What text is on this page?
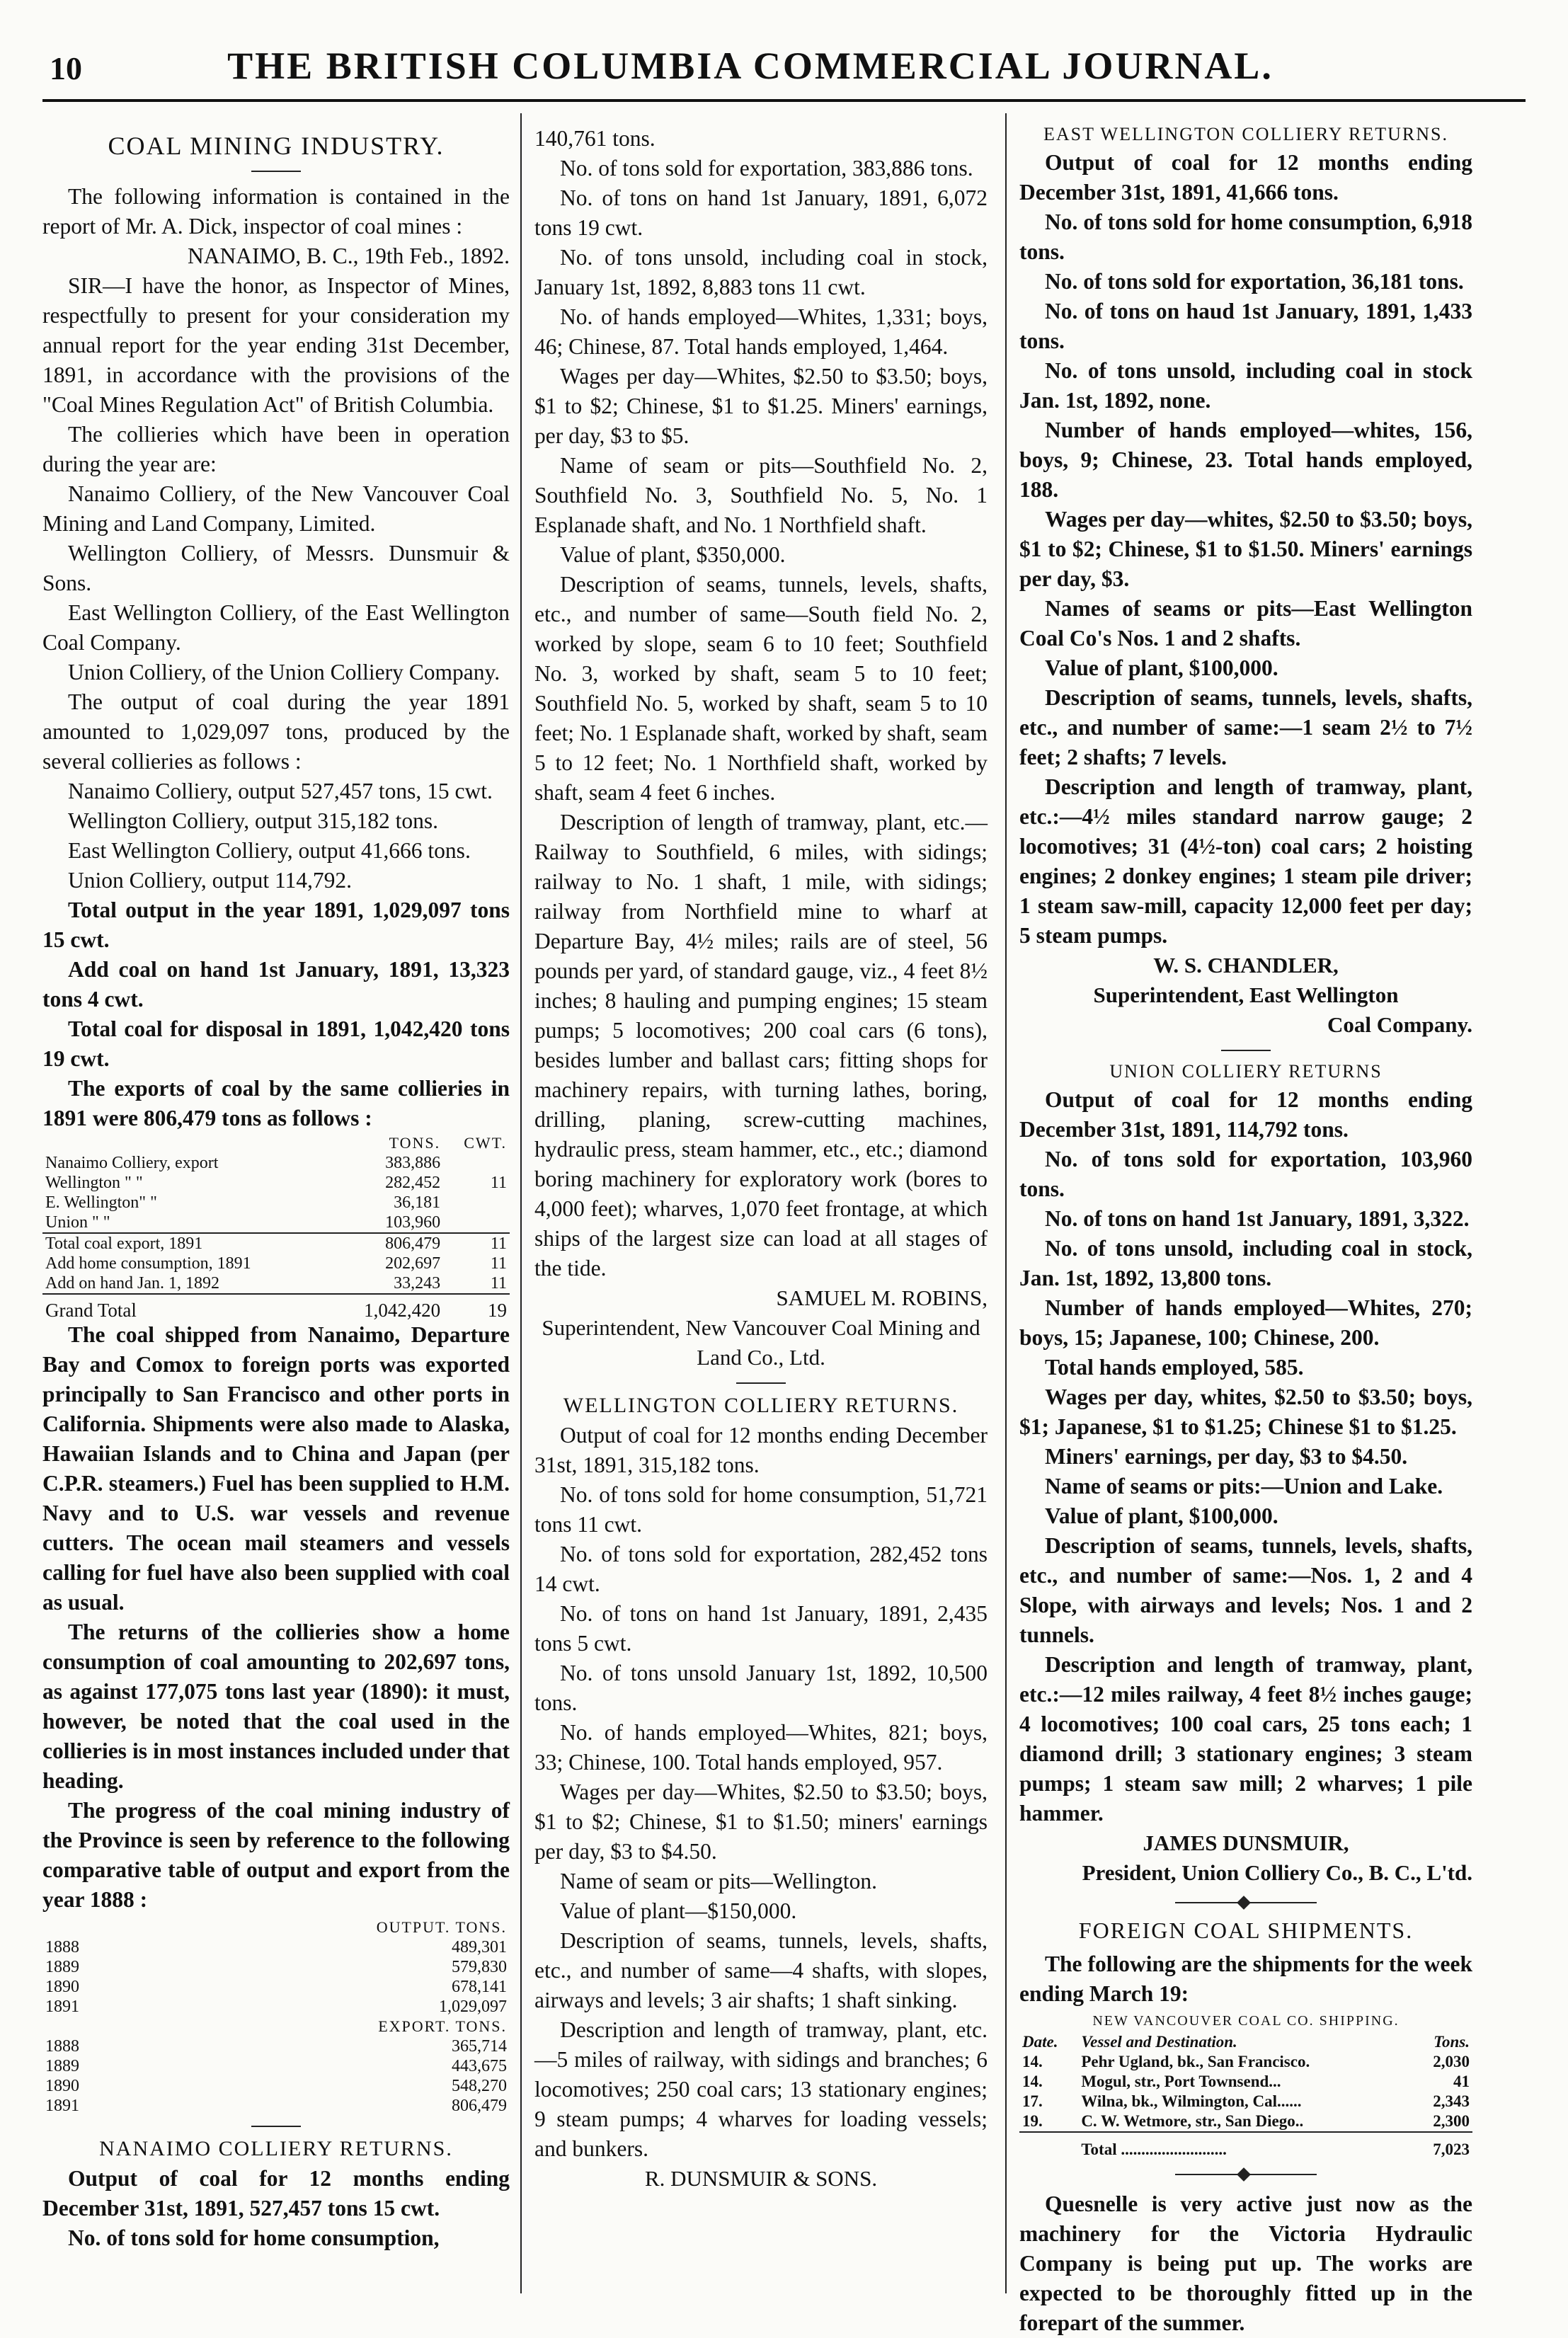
10	THE BRITISH COLUMBIA COMMERCIAL JOURNAL.
COAL MINING INDUSTRY.

The following information is contained in the report of Mr. A. Dick, inspector of coal mines :

NANAIMO, B. C., 19th Feb., 1892.

SIR—I have the honor, as Inspector of Mines, respectfully to present for your consideration my annual report for the year ending 31st December, 1891, in accordance with the provisions of the "Coal Mines Regulation Act" of British Columbia.

The collieries which have been in operation during the year are:

Nanaimo Colliery, of the New Vancouver Coal Mining and Land Company, Limited.

Wellington Colliery, of Messrs. Dunsmuir & Sons.

East Wellington Colliery, of the East Wellington Coal Company.

Union Colliery, of the Union Colliery Company.

The output of coal during the year 1891 amounted to 1,029,097 tons, produced by the several collieries as follows :

Nanaimo Colliery, output 527,457 tons, 15 cwt.

Wellington Colliery, output 315,182 tons.

East Wellington Colliery, output 41,666 tons.

Union Colliery, output 114,792.

Total output in the year 1891, 1,029,097 tons 15 cwt.

Add coal on hand 1st January, 1891, 13,323 tons 4 cwt.

Total coal for disposal in 1891, 1,042,420 tons 19 cwt.

The exports of coal by the same collieries in 1891 were 806,479 tons as follows :

	TONS.	CWT.
Nanaimo Colliery, export	383,886	
Wellington " "	282,452	11
E. Wellington" "	36,181	
Union " "	103,960	
Total coal export, 1891	806,479	11
Add home consumption, 1891	202,697	11
Add on hand Jan. 1, 1892	33,243	11
Grand Total	1,042,420	19

The coal shipped from Nanaimo, Departure Bay and Comox to foreign ports was exported principally to San Francisco and other ports in California. Shipments were also made to Alaska, Hawaiian Islands and to China and Japan (per C.P.R. steamers.) Fuel has been supplied to H.M. Navy and to U.S. war vessels and revenue cutters. The ocean mail steamers and vessels calling for fuel have also been supplied with coal as usual.

The returns of the collieries show a home consumption of coal amounting to 202,697 tons, as against 177,075 tons last year (1890): it must, however, be noted that the coal used in the collieries is in most instances included under that heading.

The progress of the coal mining industry of the Province is seen by reference to the following comparative table of output and export from the year 1888 :

	OUTPUT. TONS.
1888	489,301
1889	579,830
1890	678,141
1891	1,029,097
	EXPORT. TONS.
1888	365,714
1889	443,675
1890	548,270
1891	806,479
NANAIMO COLLIERY RETURNS.

Output of coal for 12 months ending December 31st, 1891, 527,457 tons 15 cwt.

No. of tons sold for home consumption,

140,761 tons.

No. of tons sold for exportation, 383,886 tons.

No. of tons on hand 1st January, 1891, 6,072 tons 19 cwt.

No. of tons unsold, including coal in stock, January 1st, 1892, 8,883 tons 11 cwt.

No. of hands employed—Whites, 1,331; boys, 46; Chinese, 87. Total hands employed, 1,464.

Wages per day—Whites, $2.50 to $3.50; boys, $1 to $2; Chinese, $1 to $1.25. Miners' earnings, per day, $3 to $5.

Name of seam or pits—Southfield No. 2, Southfield No. 3, Southfield No. 5, No. 1 Esplanade shaft, and No. 1 Northfield shaft.

Value of plant, $350,000.

Description of seams, tunnels, levels, shafts, etc., and number of same—South field No. 2, worked by slope, seam 6 to 10 feet; Southfield No. 3, worked by shaft, seam 5 to 10 feet; Southfield No. 5, worked by shaft, seam 5 to 10 feet; No. 1 Esplanade shaft, worked by shaft, seam 5 to 12 feet; No. 1 Northfield shaft, worked by shaft, seam 4 feet 6 inches.

Description of length of tramway, plant, etc.—Railway to Southfield, 6 miles, with sidings; railway to No. 1 shaft, 1 mile, with sidings; railway from Northfield mine to wharf at Departure Bay, 4½ miles; rails are of steel, 56 pounds per yard, of standard gauge, viz., 4 feet 8½ inches; 8 hauling and pumping engines; 15 steam pumps; 5 locomotives; 200 coal cars (6 tons), besides lumber and ballast cars; fitting shops for machinery repairs, with turning lathes, boring, drilling, planing, screw-cutting machines, hydraulic press, steam hammer, etc., etc.; diamond boring machinery for exploratory work (bores to 4,000 feet); wharves, 1,070 feet frontage, at which ships of the largest size can load at all stages of the tide.

SAMUEL M. ROBINS,
Superintendent, New Vancouver Coal Mining and Land Co., Ltd.
WELLINGTON COLLIERY RETURNS.

Output of coal for 12 months ending December 31st, 1891, 315,182 tons.

No. of tons sold for home consumption, 51,721 tons 11 cwt.

No. of tons sold for exportation, 282,452 tons 14 cwt.

No. of tons on hand 1st January, 1891, 2,435 tons 5 cwt.

No. of tons unsold January 1st, 1892, 10,500 tons.

No. of hands employed—Whites, 821; boys, 33; Chinese, 100. Total hands employed, 957.

Wages per day—Whites, $2.50 to $3.50; boys, $1 to $2; Chinese, $1 to $1.50; miners' earnings per day, $3 to $4.50.

Name of seam or pits—Wellington.

Value of plant—$150,000.

Description of seams, tunnels, levels, shafts, etc., and number of same—4 shafts, with slopes, airways and levels; 3 air shafts; 1 shaft sinking.

Description and length of tramway, plant, etc.—5 miles of railway, with sidings and branches; 6 locomotives; 250 coal cars; 13 stationary engines; 9 steam pumps; 4 wharves for loading vessels; and bunkers.

R. DUNSMUIR & SONS.
EAST WELLINGTON COLLIERY RETURNS.

Output of coal for 12 months ending December 31st, 1891, 41,666 tons.

No. of tons sold for home consumption, 6,918 tons.

No. of tons sold for exportation, 36,181 tons.

No. of tons on haud 1st January, 1891, 1,433 tons.

No. of tons unsold, including coal in stock Jan. 1st, 1892, none.

Number of hands employed—whites, 156, boys, 9; Chinese, 23. Total hands employed, 188.

Wages per day—whites, $2.50 to $3.50; boys, $1 to $2; Chinese, $1 to $1.50. Miners' earnings per day, $3.

Names of seams or pits—East Wellington Coal Co's Nos. 1 and 2 shafts.

Value of plant, $100,000.

Description of seams, tunnels, levels, shafts, etc., and number of same:—1 seam 2½ to 7½ feet; 2 shafts; 7 levels.

Description and length of tramway, plant, etc.:—4½ miles standard narrow gauge; 2 locomotives; 31 (4½-ton) coal cars; 2 hoisting engines; 2 donkey engines; 1 steam pile driver; 1 steam saw-mill, capacity 12,000 feet per day; 5 steam pumps.

W. S. CHANDLER,
Superintendent, East Wellington
Coal Company.
UNION COLLIERY RETURNS

Output of coal for 12 months ending December 31st, 1891, 114,792 tons.

No. of tons sold for exportation, 103,960 tons.

No. of tons on hand 1st January, 1891, 3,322.

No. of tons unsold, including coal in stock, Jan. 1st, 1892, 13,800 tons.

Number of hands employed—Whites, 270; boys, 15; Japanese, 100; Chinese, 200.

Total hands employed, 585.

Wages per day, whites, $2.50 to $3.50; boys, $1; Japanese, $1 to $1.25; Chinese $1 to $1.25.

Miners' earnings, per day, $3 to $4.50.

Name of seams or pits:—Union and Lake.

Value of plant, $100,000.

Description of seams, tunnels, levels, shafts, etc., and number of same:—Nos. 1, 2 and 4 Slope, with airways and levels; Nos. 1 and 2 tunnels.

Description and length of tramway, plant, etc.:—12 miles railway, 4 feet 8½ inches gauge; 4 locomotives; 100 coal cars, 25 tons each; 1 diamond drill; 3 stationary engines; 3 steam pumps; 1 steam saw mill; 2 wharves; 1 pile hammer.

JAMES DUNSMUIR,
President, Union Colliery Co., B. C., L'td.
FOREIGN COAL SHIPMENTS.

The following are the shipments for the week ending March 19:

NEW VANCOUVER COAL CO. SHIPPING.
Date.	Vessel and Destination.	Tons.
14.	Pehr Ugland, bk., San Francisco.	2,030
14.	Mogul, str., Port Townsend...	41
17.	Wilna, bk., Wilmington, Cal......	2,343
19.	C. W. Wetmore, str., San Diego..	2,300
	Total ..........................	7,023

Quesnelle is very active just now as the machinery for the Victoria Hydraulic Company is being put up. The works are expected to be thoroughly fitted up in the forepart of the summer.
